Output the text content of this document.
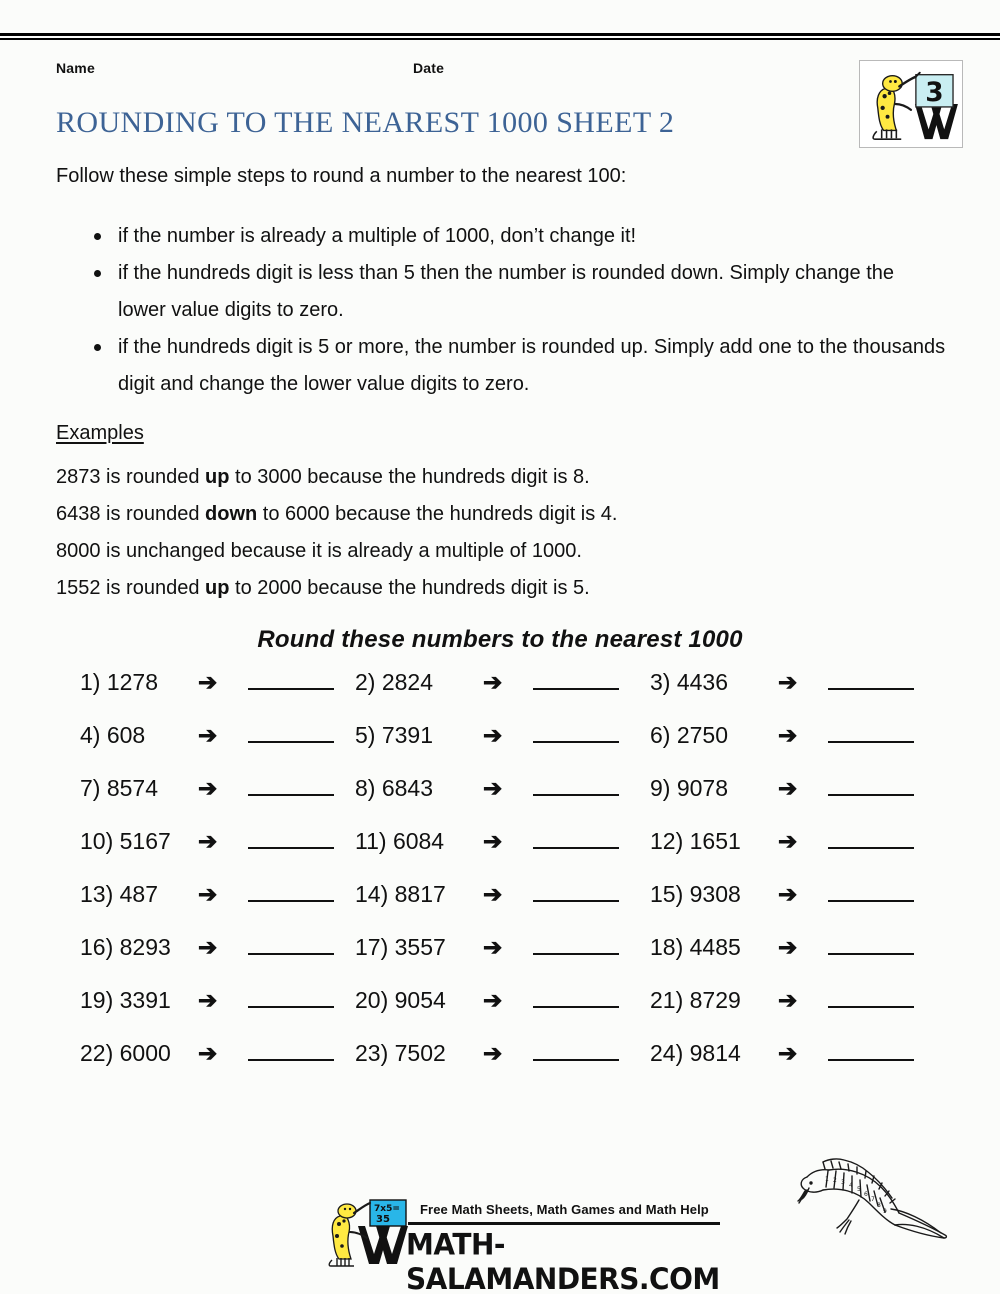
Name	Date
3
ROUNDING TO THE NEAREST 1000 SHEET 2
Follow these simple steps to round a number to the nearest 100:
if the number is already a multiple of 1000, don’t change it!
if the hundreds digit is less than 5 then the number is rounded down. Simply change the lower value digits to zero.
if the hundreds digit is 5 or more, the number is rounded up. Simply add one to the thousands digit and change the lower value digits to zero.
Examples
2873 is rounded up to 3000 because the hundreds digit is 8.
6438 is rounded down to 6000 because the hundreds digit is 4.
8000 is unchanged because it is already a multiple of 1000.
1552 is rounded up to 2000 because the hundreds digit is 5.
Round these numbers to the nearest 1000
1) 1278	➔	2) 2824	➔	3) 4436	➔
4) 608	➔	5) 7391	➔	6) 2750	➔
7) 8574	➔	8) 6843	➔	9) 9078	➔
10) 5167	➔	11) 6084	➔	12) 1651	➔
13) 487	➔	14) 8817	➔	15) 9308	➔
16) 8293	➔	17) 3557	➔	18) 4485	➔
19) 3391	➔	20) 9054	➔	21) 8729	➔
22) 6000	➔	23) 7502	➔	24) 9814	➔
1 2 3 4
5
6
7
8
9
7x5=
35
Free Math Sheets, Math Games and Math Help
MATH-SALAMANDERS.COM
